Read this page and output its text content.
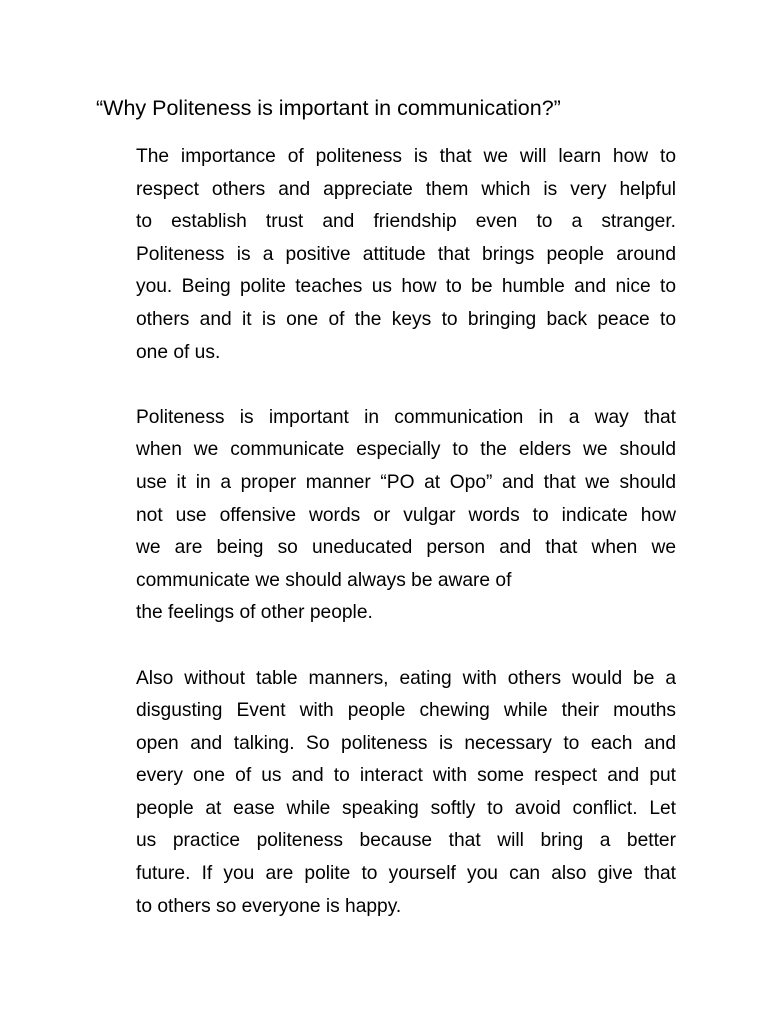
“Why Politeness is important in communication?”
The importance of politeness is that we will learn how to
respect others and appreciate them which is very helpful
to establish trust and friendship even to a stranger.
Politeness is a positive attitude that brings people around
you. Being polite teaches us how to be humble and nice to
others and it is one of the keys to bringing back peace to
one of us.
Politeness is important in communication in a way that
when we communicate especially to the elders we should
use it in a proper manner “PO at Opo” and that we should
not use offensive words or vulgar words to indicate how
we are being so uneducated person and that when we
communicate we should always be aware of
the feelings of other people.
Also without table manners, eating with others would be a
disgusting Event with people chewing while their mouths
open and talking. So politeness is necessary to each and
every one of us and to interact with some respect and put
people at ease while speaking softly to avoid conflict. Let
us practice politeness because that will bring a better
future. If you are polite to yourself you can also give that
to others so everyone is happy.
